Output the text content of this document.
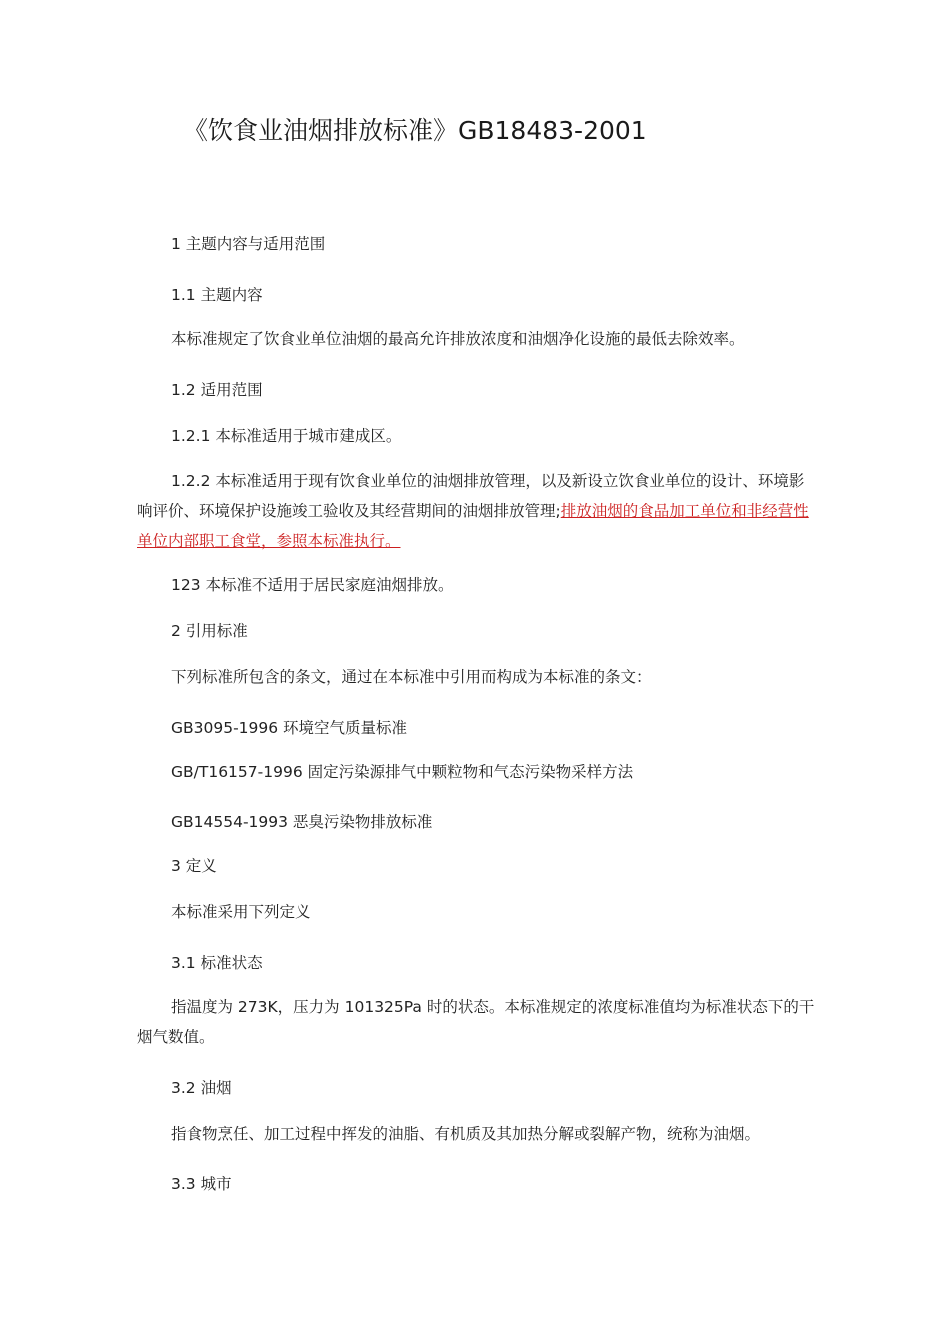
《饮食业油烟排放标准》GB18483-2001

1 主题内容与适用范围

1.1 主题内容

本标准规定了饮食业单位油烟的最高允许排放浓度和油烟净化设施的最低去除效率。

1.2 适用范围

1.2.1 本标准适用于城市建成区。

1.2.2 本标准适用于现有饮食业单位的油烟排放管理，以及新设立饮食业单位的设计、环境影响评价、环境保护设施竣工验收及其经营期间的油烟排放管理;排放油烟的食品加工单位和非经营性单位内部职工食堂，参照本标准执行。

123 本标准不适用于居民家庭油烟排放。

2 引用标准

下列标准所包含的条文，通过在本标准中引用而构成为本标准的条文：

GB3095-1996 环境空气质量标准

GB/T16157-1996 固定污染源排气中颗粒物和气态污染物采样方法

GB14554-1993 恶臭污染物排放标准

3 定义

本标准采用下列定义

3.1 标准状态

指温度为 273K，压力为 101325Pa 时的状态。本标准规定的浓度标准值均为标准状态下的干烟气数值。

3.2 油烟

指食物烹任、加工过程中挥发的油脂、有机质及其加热分解或裂解产物，统称为油烟。

3.3 城市
